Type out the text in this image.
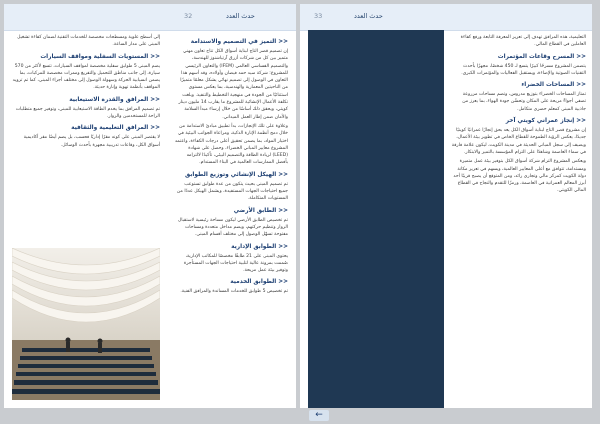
32	حدث العدد
<< التميز في التصميم والاستدامة

إن تصميم قصر التاج لبناية أسواق الكل تتاح تعاون مهني متميز بين كل من شركات أزرق آرتياشنوز للهندسة، والتصميم الفساسي العالمي (IFEM) والتعاون الرئيسي للمشروع: شركة سيد حمد فيضان وأولاده، وقد أسهم هذا التعاون في الوصول إلى تصميم نهائي يشكل معلمًا متميزًا من الناحيتين المعمارية والهندسية، بما يعكس مستوى استثنائيًا من الجودة في منهجية التخطيط والتنفيذ. وبلغت تكلفة الأعمال الإنشائية للمشروع ما يقارب 14 مليون دينار كويتي، ويحقق ذلك أساسًا من خلال إرساء مبدأ السلامة والأمان ضمن إطار العمل الميداني.

وعلاوة على تلك الإنجازات، بدأ تطبيق مبادئ الاستدامة من خلال دمج أنظمة الإنارة الذكية، ومراعاة الجوانب البيئية في اختيار المواد، بما يضمن تحقيق أعلى درجات الكفاءة، واعتمد المشروع معايير المباني الخضراء، وحصل على شهادة (LEED) لريادة الطاقة والتصميم البيئي، تأكيدًا لالتزامه بأفضل الممارسات العالمية في البناء المستدام.

<< الهيكل الإنشائي وتوزيع الطوابق

تم تصميم المبنى بحيث يتكون من عدة طوابق تستوعب جميع احتياجات الجهات المستفيدة، ويشمل الهيكل عددًا من المستويات المتكاملة.

<< الطابق الأرضي

تم تخصيص الطابق الأرضي ليكون مساحة رئيسية لاستقبال الزوار وتنظيم حركتهم، ويضم مداخل متعددة ومساحات مفتوحة تسهّل الوصول إلى مختلف أقسام المبنى.

<< الطوابق الإدارية

يحتوي المبنى على 21 طابقًا مخصصًا للمكاتب الإدارية، صُممت بمرونة عالية لتلبية احتياجات الجهات المستأجرة وتوفير بيئة عمل مريحة.

<< الطوابق الخدمية

تم تخصيص 5 طوابق للخدمات المساندة والمرافق الفنية.

إلى أسطح علوية ومسطحات مخصصة للخدمات التقنية لضمان كفاءة تشغيل المبنى على مدار الساعة.

<< المستويات السفلية ومواقف السيارات

يضم المبنى 5 طوابق سفلية مخصصة لمواقف السيارات، تتسع لأكثر من 570 سيارة، إلى جانب مناطق للتحميل والتفريغ وممرات مخصصة للمركبات، بما يضمن انسيابية الحركة وسهولة الوصول إلى مختلف أجزاء المبنى، كما تم تزويد المواقف بأنظمة تهوية وإنارة حديثة.

<< المرافق والقدرة الاستيعابية

تم تصميم المرافق بما يخدم الطاقة الاستيعابية للمبنى، وتوفير جميع متطلبات الراحة للمستخدمين والزوار.

<< المرافق التعليمية والثقافية

لا يقتصر المبنى على كونه مقرًا إداريًا فحسب، بل يضم أيضًا مقر أكاديمية أسواق الكل، وقاعات تدريبية مجهزة بأحدث الوسائل.

33	حدث العدد

التعليمية، هذه المرافق تهدف إلى تعزيز المعرفة التابعة ورفع كفاءة العاملين في القطاع المالي.

<< المسرح وقاعات المؤتمرات

يتضمن المشروع مسرحًا كبيرًا يتسع لـ 450 شخصًا، مجهزًا بأحدث التقنيات الصوتية والإضاءة، ويستقبل الفعاليات والمؤتمرات الكبرى.

<< المساحات الخضراء

تمتاز المساحات الخضراء بتوزيع مدروس، وتضم مساحات مزروعة تضفي أجواءً مريحة على المكان وتحسّن جودة الهواء، بما يعزز من جاذبية المبنى كمعلم حضري متكامل.

<< إنجاز عمراني كويتي آخر

إن مشروع قصر التاج لبناية أسواق الكل يعد بحق إنجازًا عمرانيًا كويتيًا جديدًا، يعكس الرؤية الطموحة للقطاع الخاص في تطوير بيئة الأعمال، ويضيف إلى سجل المباني الحديثة في مدينة الكويت، ليكون علامة فارقة في سماء العاصمة وشاهدًا على التزام المؤسسة بالتميز والابتكار.

ويعكس المشروع التزام شركة أسواق الكل بتوفير بيئة عمل متميزة ومستدامة، تتوافق مع أعلى المعايير العالمية، ويسهم في تعزيز مكانة دولة الكويت كمركز مالي وتجاري رائد، ومن المتوقع أن يصبح قريبًا أحد أبرز المعالم العمرانية في العاصمة، ورمزًا للتقدم والنجاح في القطاع المالي الكويتي.

←
